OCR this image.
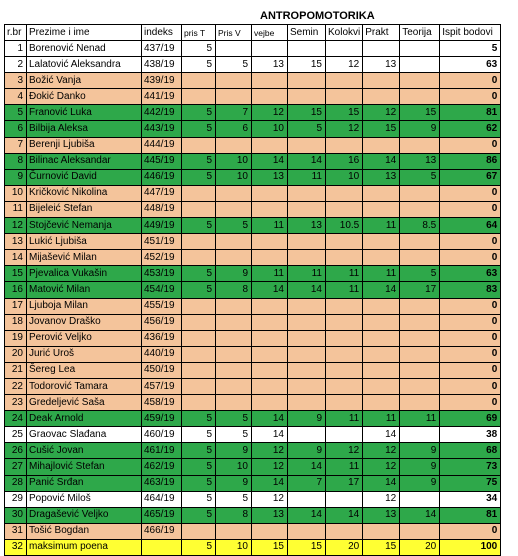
ANTROPOMOTORIKA
r.br	Prezime i ime	indeks	pris T	Pris V	vejbe	Semin	Kolokvi	Prakt	Teorija	Ispit bodovi
1	Borenović Nenad	437/19	5							5
2	Lalatović Aleksandra	438/19	5	5	13	15	12	13		63
3	Božić Vanja	439/19								0
4	Đokić Danko	441/19								0
5	Franović Luka	442/19	5	7	12	15	15	12	15	81
6	Bilbija Aleksa	443/19	5	6	10	5	12	15	9	62
7	Berenji Ljubiša	444/19								0
8	Bilinac Aleksandar	445/19	5	10	14	14	16	14	13	86
9	Čurnović David	446/19	5	10	13	11	10	13	5	67
10	Kričković Nikolina	447/19								0
11	Bijelеić Stefan	448/19								0
12	Stojčević Nemanja	449/19	5	5	11	13	10.5	11	8.5	64
13	Lukić Ljubiša	451/19								0
14	Mijašević Milan	452/19								0
15	Pjevalica Vukašin	453/19	5	9	11	11	11	11	5	63
16	Matović Milan	454/19	5	8	14	14	11	14	17	83
17	Ljuboja Milan	455/19								0
18	Jovanov Draško	456/19								0
19	Perović Veljko	436/19								0
20	Jurić Uroš	440/19								0
21	Šereg Lea	450/19								0
22	Todorović Tamara	457/19								0
23	Gredeljević Saša	458/19								0
24	Deak Arnold	459/19	5	5	14	9	11	11	11	69
25	Graovac Slađana	460/19	5	5	14			14		38
26	Cušić Jovan	461/19	5	9	12	9	12	12	9	68
27	Mihajlović Stefan	462/19	5	10	12	14	11	12	9	73
28	Panić Srđan	463/19	5	9	14	7	17	14	9	75
29	Popović Miloš	464/19	5	5	12			12		34
30	Dragašević Veljko	465/19	5	8	13	14	14	13	14	81
31	Tošić Bogdan	466/19								0
32	maksimum poena		5	10	15	15	20	15	20	100
